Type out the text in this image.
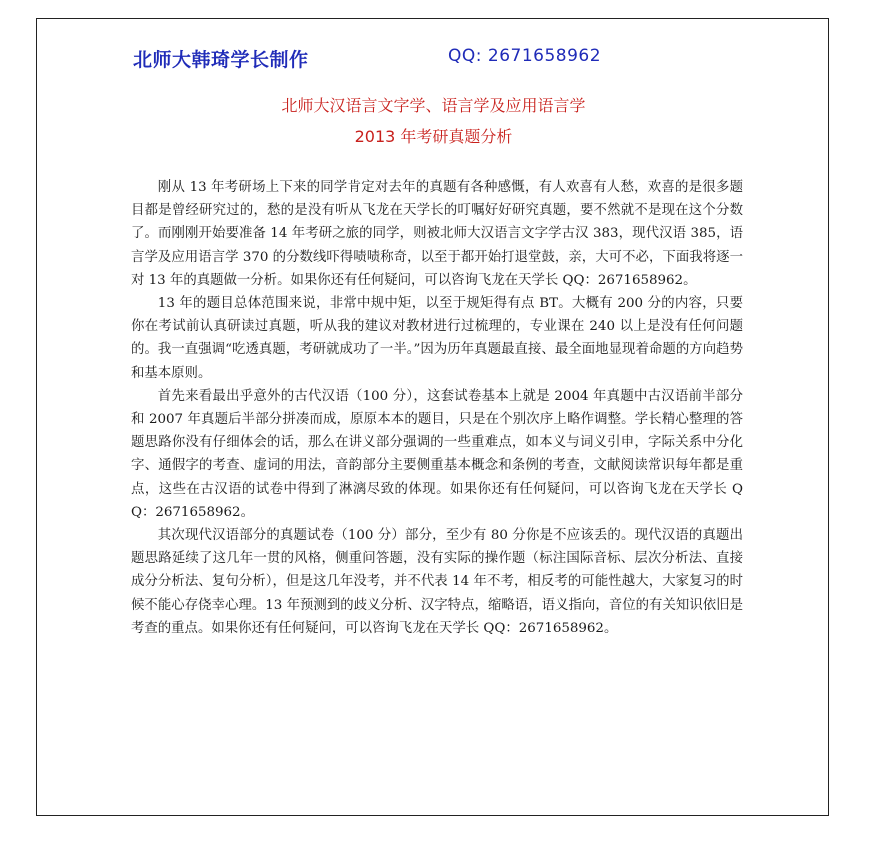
北师大韩琦学长制作	QQ: 2671658962
北师大汉语言文字学、语言学及应用语言学
2013 年考研真题分析

刚从 13 年考研场上下来的同学肯定对去年的真题有各种感慨，有人欢喜有人愁，欢喜的是很多题目都是曾经研究过的，愁的是没有听从飞龙在天学长的叮嘱好好研究真题，要不然就不是现在这个分数了。而刚刚开始要准备 14 年考研之旅的同学，则被北师大汉语言文字学古汉 383，现代汉语 385，语言学及应用语言学 370 的分数线吓得啧啧称奇，以至于都开始打退堂鼓，亲，大可不必，下面我将逐一对 13 年的真题做一分析。如果你还有任何疑问，可以咨询飞龙在天学长 QQ：2671658962。

13 年的题目总体范围来说，非常中规中矩，以至于规矩得有点 BT。大概有 200 分的内容，只要你在考试前认真研读过真题，听从我的建议对教材进行过梳理的，专业课在 240 以上是没有任何问题的。我一直强调“吃透真题，考研就成功了一半。”因为历年真题最直接、最全面地显现着命题的方向趋势和基本原则。

首先来看最出乎意外的古代汉语（100 分），这套试卷基本上就是 2004 年真题中古汉语前半部分和 2007 年真题后半部分拼凑而成，原原本本的题目，只是在个别次序上略作调整。学长精心整理的答题思路你没有仔细体会的话，那么在讲义部分强调的一些重难点，如本义与词义引申，字际关系中分化字、通假字的考查、虚词的用法，音韵部分主要侧重基本概念和条例的考查，文献阅读常识每年都是重点，这些在古汉语的试卷中得到了淋漓尽致的体现。如果你还有任何疑问，可以咨询飞龙在天学长 QQ：2671658962。

其次现代汉语部分的真题试卷（100 分）部分，至少有 80 分你是不应该丢的。现代汉语的真题出题思路延续了这几年一贯的风格，侧重问答题，没有实际的操作题（标注国际音标、层次分析法、直接成分分析法、复句分析），但是这几年没考，并不代表 14 年不考，相反考的可能性越大，大家复习的时候不能心存侥幸心理。13 年预测到的歧义分析、汉字特点，缩略语，语义指向，音位的有关知识依旧是考查的重点。如果你还有任何疑问，可以咨询飞龙在天学长 QQ：2671658962。
